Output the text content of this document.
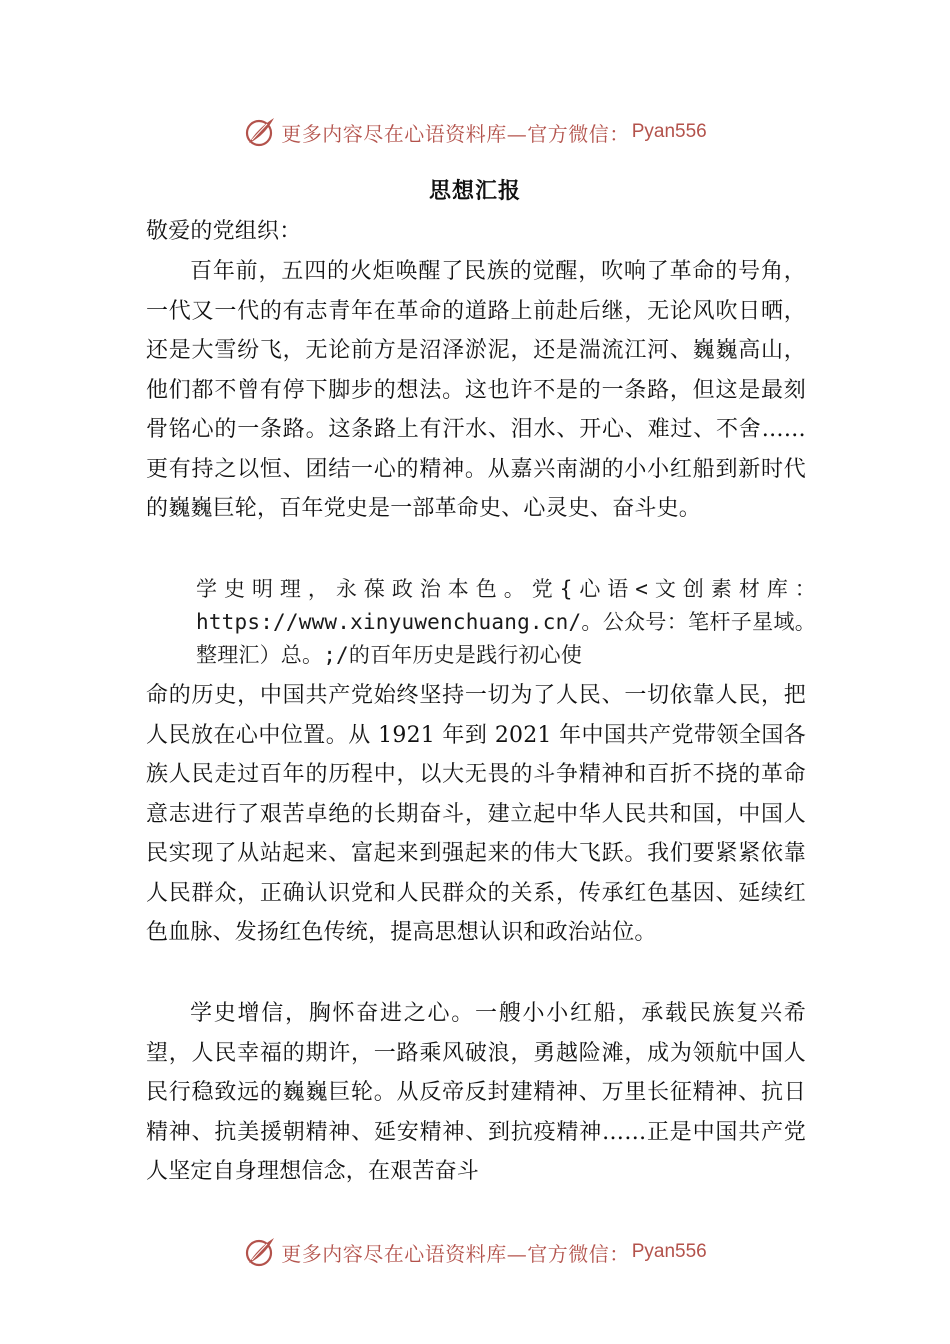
更多内容尽在心语资料库—官方微信： Pyan556
思想汇报
敬爱的党组织：
百年前，五四的火炬唤醒了民族的觉醒，吹响了革命的号角，一代又一代的有志青年在革命的道路上前赴后继，无论风吹日晒，还是大雪纷飞，无论前方是沼泽淤泥，还是湍流江河、巍巍高山，他们都不曾有停下脚步的想法。这也许不是的一条路，但这是最刻骨铭心的一条路。这条路上有汗水、泪水、开心、难过、不舍……更有持之以恒、团结一心的精神。从嘉兴南湖的小小红船到新时代的巍巍巨轮，百年党史是一部革命史、心灵史、奋斗史。
学史明理，永葆政治本色。党{心语<文创素材库：https://www.xinyuwenchuang.cn/。公众号：笔杆子星域。整理汇）总。;/的百年历史是践行初心使
命的历史，中国共产党始终坚持一切为了人民、一切依靠人民，把人民放在心中位置。从 1921 年到 2021 年中国共产党带领全国各族人民走过百年的历程中，以大无畏的斗争精神和百折不挠的革命意志进行了艰苦卓绝的长期奋斗，建立起中华人民共和国，中国人民实现了从站起来、富起来到强起来的伟大飞跃。我们要紧紧依靠人民群众，正确认识党和人民群众的关系，传承红色基因、延续红色血脉、发扬红色传统，提高思想认识和政治站位。
学史增信，胸怀奋进之心。一艘小小红船，承载民族复兴希望，人民幸福的期许，一路乘风破浪，勇越险滩，成为领航中国人民行稳致远的巍巍巨轮。从反帝反封建精神、万里长征精神、抗日精神、抗美援朝精神、延安精神、到抗疫精神……正是中国共产党人坚定自身理想信念，在艰苦奋斗
更多内容尽在心语资料库—官方微信： Pyan556
